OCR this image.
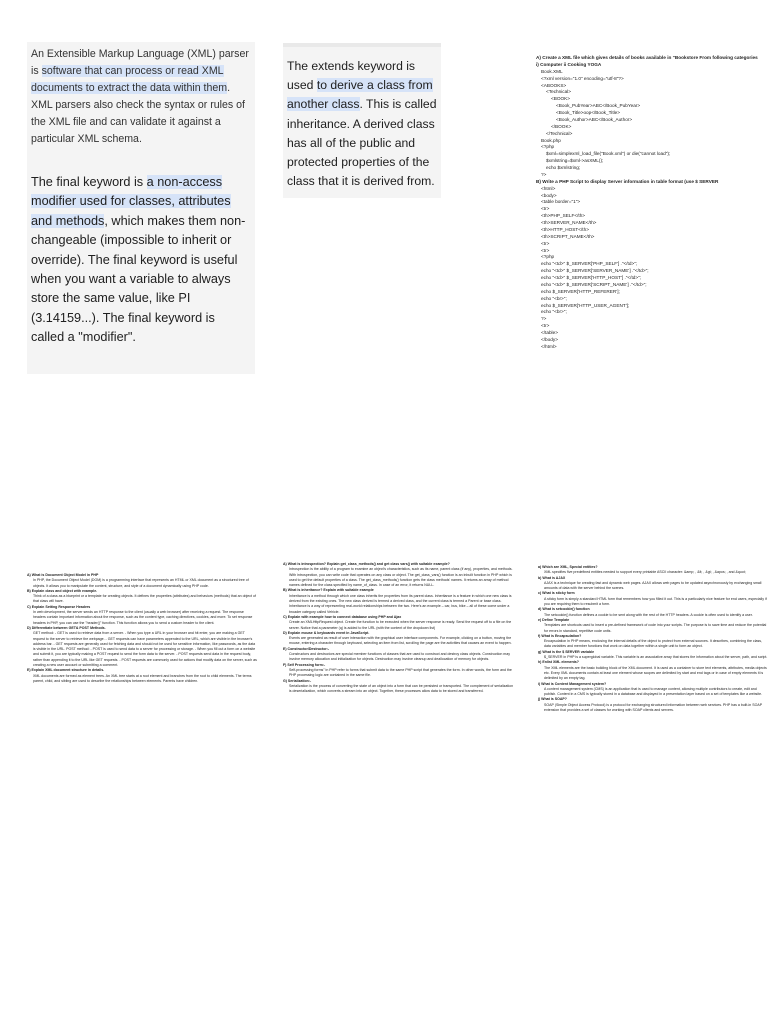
An Extensible Markup Language (XML) parser is software that can process or read XML documents to extract the data within them. XML parsers also check the syntax or rules of the XML file and can validate it against a particular XML schema.
The final keyword is a non-access modifier used for classes, attributes and methods, which makes them non-changeable (impossible to inherit or override). The final keyword is useful when you want a variable to always store the same value, like PI (3.14159...). The final keyword is called a "modifier".
The extends keyword is used to derive a class from another class. This is called inheritance. A derived class has all of the public and protected properties of the class that it is derived from.
A) Create a XML file which gives details of books available in "Bookstore From following categories i) Computer ii Cooking YOGA
Book.XML
<?xml version="1.0" encoding="utf-8"?>
<ABOOKS>
<Technical>
<BOOK>
<Book_PubYear>ABC</Book_PubYear>
<Book_Title>oop</Book_Title>
<Book_Author>ABC</Book_Author>
</BOOK>
</Technical>
Book.php
<?php
$xml=simplexml_load_file("Book.xml") or die("cannot load");
$xmlstring=$xml->asXML();
echo $xmlstring;
?>
B) Write a PHP Script to display Server information in table format (use $ SERVER
<html>
<body>
<table border="1">
<tr>
<th>PHP_SELF</th>
<th>SERVER_NAME</th>
<th>HTTP_HOST</th>
<th>SCRIPT_NAME</th>
<tr>
<tr>
<?php
echo "<td>" $_SERVER['PHP_SELF'] ."</td>";
echo "<td>" $_SERVER['SERVER_NAME'] ."</td>";
echo "<td>" $_SERVER['HTTP_HOST'] ."</td>";
echo "<td>" $_SERVER['SCRIPT_NAME'] ."</td>";
echo $_SERVER['HTTP_REFERER'];
echo "<br>";
echo $_SERVER['HTTP_USER_AGENT'];
echo "<br>";
?>
<tr>
</table>
</body>
</html>
A) What is Document Object Model in PHP
In PHP, the Document Object Model (DOM) is a programming interface that represents an HTML or XML document as a structured tree of objects. It allows you to manipulate the content, structure, and style of a document dynamically using PHP code.
B) Explain class and object with example.
Think of a class as a blueprint or a template for creating objects. It defines the properties (attributes) and behaviors (methods) that an object of that class will have.
C) Explain Setting Response Headers
In web development, the server sends an HTTP response to the client (usually a web browser) after receiving a request. The response headers contain important information about the response, such as the content type, caching directives, cookies, and more. To set response headers in PHP, you can use the "header()" function. This function allows you to send a custom header to the client.
D) Differentiate between GET& POST Methods.
GET method: - GET is used to retrieve data from a server. - When you type a URL in your browser and hit enter, you are making a GET request to the server to retrieve the webpage. - GET requests can have parameters appended to the URL, which are visible in the browser's address bar. - GET requests are generally used for fetching data and should not be used for sensitive information, like passwords, as the data is visible in the URL. POST method: - POST is used to send data to a server for processing or storage. - When you fill out a form on a website and submit it, you are typically making a POST request to send the form data to the server. - POST requests send data in the request body, rather than appending it to the URL like GET requests. - POST requests are commonly used for actions that modify data on the server, such as creating a new user account or submitting a comment.
E) Explain XML document structure in details.
XML documents are formed as element trees. An XML tree starts at a root element and branches from the root to child elements. The terms parent, child, and sibling are used to describe the relationships between elements. Parents have children.
A) What is introspection? Explain get_class_methods() and get class vars() with suitable example?
Introspection is the ability of a program to examine an object's characteristics, such as its name, parent class (if any), properties, and methods. With introspection, you can write code that operates on any class or object. The get_class_vars() function is an inbuilt function in PHP which is used to get the default properties of a class. The get_class_methods() function gets the class methods' names. It returns an array of method names defined for the class specified by name_of_class. In case of an error, it returns NULL.
B) What is inheritance? Explain with suitable example
Inheritance is a method through which one class inherits the properties from its parent class. Inheritance is a feature in which one new class is derived from the existing ones. The new class derived is termed a derived class, and the current class is termed a Parent or base class. Inheritance is a way of representing real-world relationships between the two. Here's an example – car, bus, bike – all of these come under a broader category called Vehicle.
C) Explain with example how to connect database using PHP and Ajax
Create an XMLHttpRequest object. Create the function to be executed when the server response is ready. Send the request off to a file on the server. Notice that a parameter (q) is added to the URL (with the content of the dropdown list)
D) Explain mouse & keyboards event in JavaScript.
Events are generated as result of user interaction with the graphical user interface components. For example, clicking on a button, moving the mouse, entering a character through keyboard, selecting an item from list, scrolling the page are the activities that causes an event to happen.
E) Constructor/Destructor:-
Constructors and destructors are special member functions of classes that are used to construct and destroy class objects. Construction may involve memory allocation and initialization for objects. Destruction may involve cleanup and deallocation of memory for objects.
F) Self Processing form:-
Self-processing forms" in PHP refer to forms that submit data to the same PHP script that generates the form. In other words, the form and the PHP processing logic are contained in the same file.
G) Serialization:-
Serialization is the process of converting the state of an object into a form that can be persisted or transported. The complement of serialization is deserialization, which converts a stream into an object. Together, these processes allow data to be stored and transferred.
a) Which are XML, Special entities?
XML specifies five predefined entities needed to support every printable ASCII character: &amp; , &lt; , &gt; , &apos; , and &quot;
b) What is AJAX
AJAX is a technique for creating fast and dynamic web pages. AJAX allows web pages to be updated asynchronously by exchanging small amounts of data with the server behind the scenes.
c) What is sticky form
A sticky form is simply a standard HTML form that remembers how you filled it out. This is a particularly nice feature for end users, especially if you are requiring them to resubmit a form.
d) What is setcookie() function
The setcookie() function defines a cookie to be sent along with the rest of the HTTP headers. A cookie is often used to identify a user.
e) Define Template
Templates are shortcuts used to insert a pre-defined framework of code into your scripts. The purpose is to save time and reduce the potential for errors in standard, repetitive code units.
f) What is Encapsulation?
Encapsulation in PHP means, enclosing the internal details of the object to protect from external sources. It describes, combining the class, data variables and member functions that work on data together within a single unit to form an object.
g) What is the $ SERVER variable
$_SERVER in PHP is a superglobal variable. This variable is an associative array that stores the information about the server, path, and script.
h) Enlist XML elements?
The XML elements are the basic building block of the XML document. It is used as a container to store text elements, attributes, media objects etc. Every XML documents contain at least one element whose scopes are delimited by start and end tags or in case of empty elements it is delimited by an empty tag.
i) What is Content Management system?
A content management system (CMS) is an application that is used to manage content, allowing multiple contributors to create, edit and publish. Content in a CMS is typically stored in a database and displayed in a presentation layer based on a set of templates like a website.
j) What is SOAP?
SOAP (Simple Object Access Protocol) is a protocol for exchanging structured information between web services. PHP has a built-in SOAP extension that provides a set of classes for working with SOAP clients and servers.
